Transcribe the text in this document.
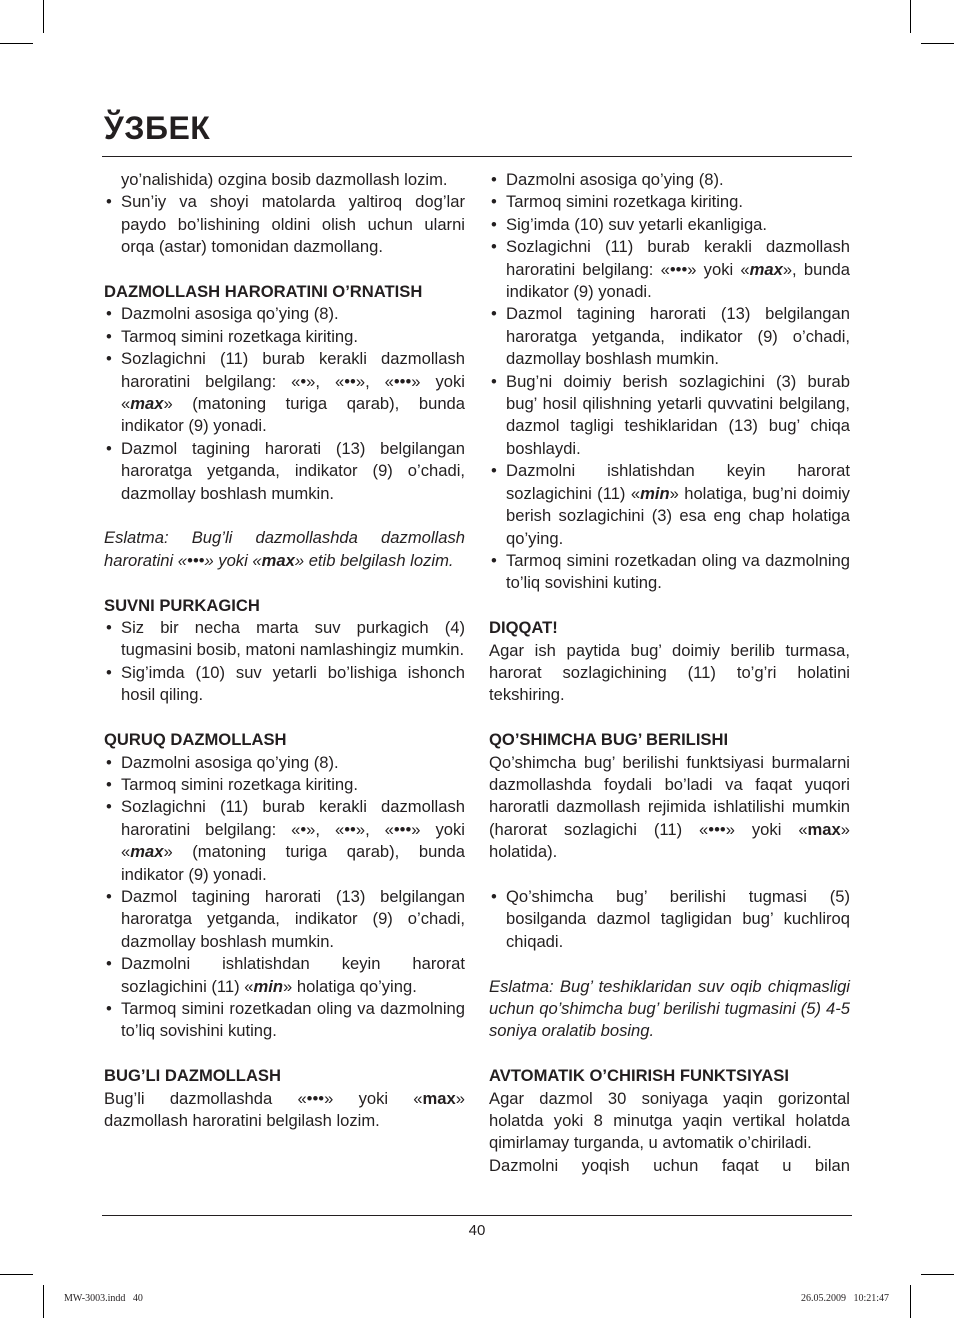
ЎЗБЕК

yo’nalishida) ozgina bosib dazmollash lozim.

• Sun’iy va shoyi matolarda yaltiroq dog’lar paydo bo’lishining oldini olish uchun ularni orqa (astar) tomonidan dazmollang.
DAZMOLLASH HARORATINI O’RNATISH
• Dazmolni asosiga qo’ying (8).
• Tarmoq simini rozetkaga kiriting.
• Sozlagichni (11) burab kerakli dazmollash haroratini belgilang: «•», «••», «•••» yoki «max» (matoning turiga qarab), bunda indikator (9) yonadi.
• Dazmol tagining harorati (13) belgilangan haroratga yetganda, indikator (9) o’chadi, dazmollay boshlash mumkin.

Eslatma: Bug’li dazmollashda dazmollash haroratini «•••» yoki «max» etib belgilash lozim.

SUVNI PURKAGICH
• Siz bir necha marta suv purkagich (4) tugmasini bosib, matoni namlashingiz mumkin.
• Sig’imda (10) suv yetarli bo’lishiga ishonch hosil qiling.
QURUQ DAZMOLLASH
• Dazmolni asosiga qo’ying (8).
• Tarmoq simini rozetkaga kiriting.
• Sozlagichni (11) burab kerakli dazmollash haroratini belgilang: «•», «••», «•••» yoki «max» (matoning turiga qarab), bunda indikator (9) yonadi.
• Dazmol tagining harorati (13) belgilangan haroratga yetganda, indikator (9) o’chadi, dazmollay boshlash mumkin.
• Dazmolni ishlatishdan keyin harorat sozlagichini (11) «min» holatiga qo’ying.
• Tarmoq simini rozetkadan oling va dazmolning to’liq sovishini kuting.
BUG’LI DAZMOLLASH

Bug’li dazmollashda «•••» yoki «max» dazmollash haroratini belgilash lozim.

• Dazmolni asosiga qo’ying (8).
• Tarmoq simini rozetkaga kiriting.
• Sig’imda (10) suv yetarli ekanligiga.
• Sozlagichni (11) burab kerakli dazmollash haroratini belgilang: «•••» yoki «max», bunda indikator (9) yonadi.
• Dazmol tagining harorati (13) belgilangan haroratga yetganda, indikator (9) o’chadi, dazmollay boshlash mumkin.
• Bug’ni doimiy berish sozlagichini (3) burab bug’ hosil qilishning yetarli quvvatini belgilang, dazmol tagligi teshiklaridan (13) bug’ chiqa boshlaydi.
• Dazmolni ishlatishdan keyin harorat sozlagichini (11) «min» holatiga, bug’ni doimiy berish sozlagichini (3) esa eng chap holatiga qo’ying.
• Tarmoq simini rozetkadan oling va dazmolning to’liq sovishini kuting.
DIQQAT!

Agar ish paytida bug’ doimiy berilib turmasa, harorat sozlagichining (11) to’g’ri holatini tekshiring.

QO’SHIMCHA BUG’ BERILISHI

Qo’shimcha bug’ berilishi funktsiyasi burmalarni dazmollashda foydali bo’ladi va faqat yuqori haroratli dazmollash rejimida ishlatilishi mumkin (harorat sozlagichi (11) «•••» yoki «max» holatida).

• Qo’shimcha bug’ berilishi tugmasi (5) bosilganda dazmol tagligidan bug’ kuchliroq chiqadi.

Eslatma: Bug’ teshiklaridan suv oqib chiqmasligi uchun qo’shimcha bug’ berilishi tugmasini (5) 4-5 soniya oralatib bosing.

AVTOMATIK O’CHIRISH FUNKTSIYASI

Agar dazmol 30 soniyaga yaqin gorizontal holatda yoki 8 minutga yaqin vertikal holatda qimirlamay turganda, u avtomatik o’chiriladi.

Dazmolni yoqish uchun faqat u bilan

40
MW-3003.indd   40	26.05.2009   10:21:47
